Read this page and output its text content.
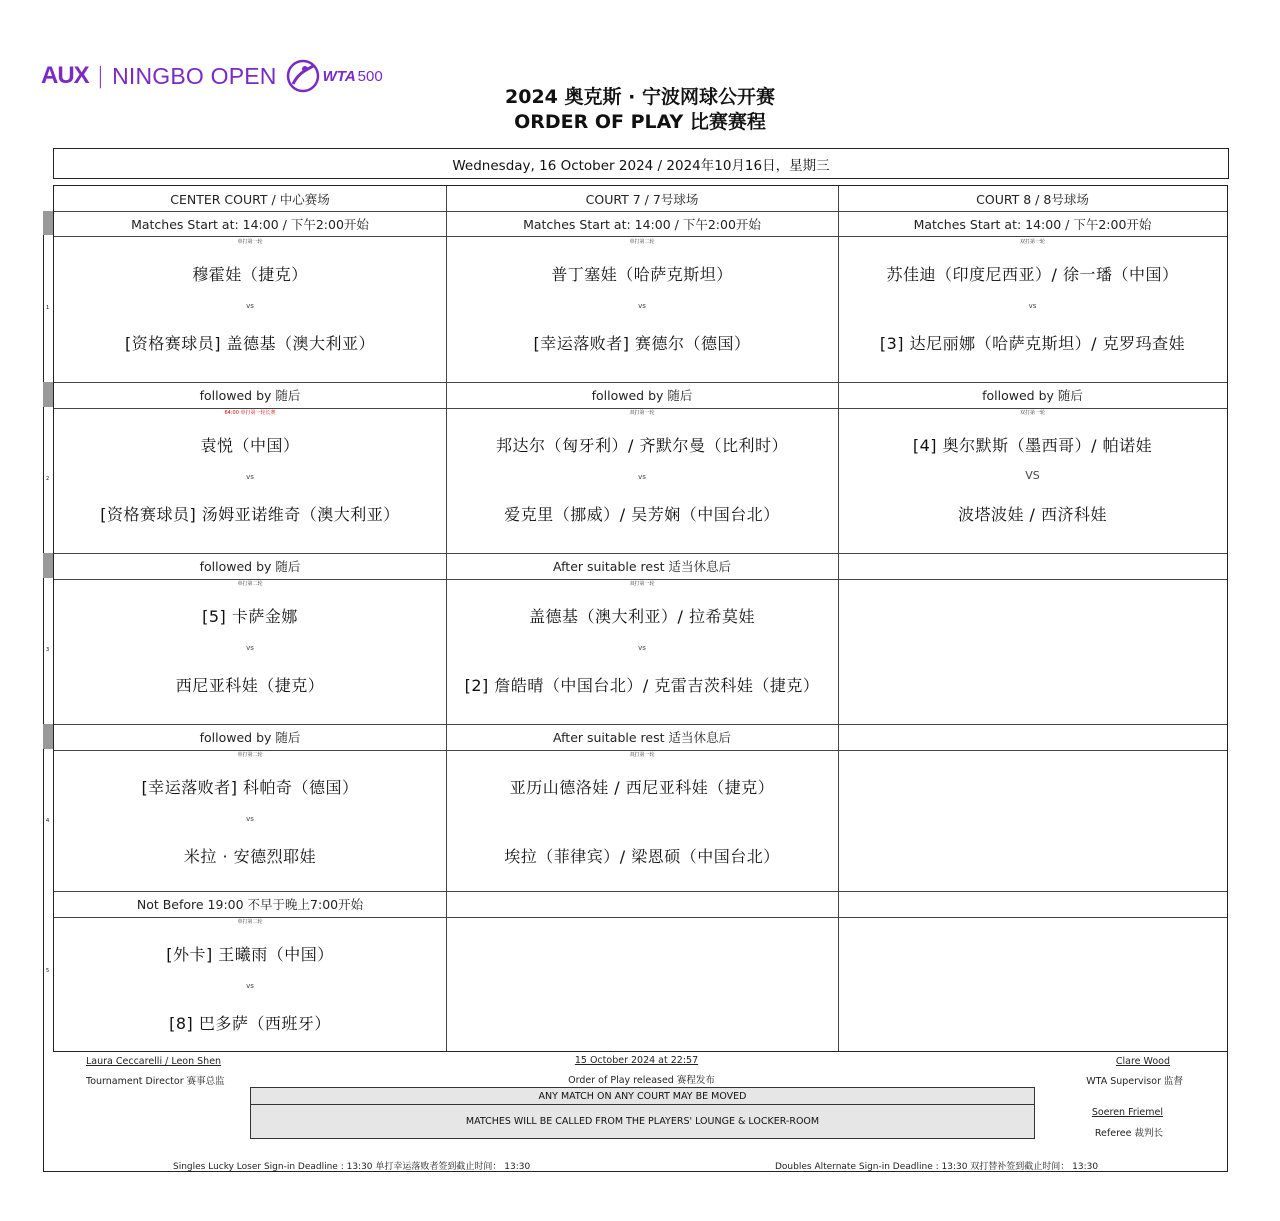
AUX | NINGBO OPEN	WTA 500
2024 奥克斯 · 宁波网球公开赛
ORDER OF PLAY 比赛赛程
Wednesday, 16 October 2024 / 2024年10月16日，星期三
1
2
3
4
5
CENTER COURT / 中心赛场
Matches Start at: 14:00 / 下午2:00开始
单打第一轮
穆霍娃（捷克）
vs
[资格赛球员] 盖德基（澳大利亚）
followed by 随后
64:00 单打第一轮长赛
袁悦（中国）
vs
[资格赛球员] 汤姆亚诺维奇（澳大利亚）
followed by 随后
单打第二轮
[5] 卡萨金娜
vs
西尼亚科娃（捷克）
followed by 随后
单打第二轮
[幸运落败者] 科帕奇（德国）
vs
米拉 · 安德烈耶娃
Not Before 19:00 不早于晚上7:00开始
单打第二轮
[外卡] 王曦雨（中国）
vs
[8] 巴多萨（西班牙）
COURT 7 / 7号球场
Matches Start at: 14:00 / 下午2:00开始
单打第二轮
普丁塞娃（哈萨克斯坦）
vs
[幸运落败者] 赛德尔（德国）
followed by 随后
双打第一轮
邦达尔（匈牙利）/ 齐默尔曼（比利时）
vs
爱克里（挪威）/ 吴芳娴（中国台北）
After suitable rest 适当休息后
双打第一轮
盖德基（澳大利亚）/ 拉希莫娃
vs
[2] 詹皓晴（中国台北）/ 克雷吉茨科娃（捷克）
After suitable rest 适当休息后
双打第一轮
亚历山德洛娃 / 西尼亚科娃（捷克）
埃拉（菲律宾）/ 梁恩硕（中国台北）
COURT 8 / 8号球场
Matches Start at: 14:00 / 下午2:00开始
双打第一轮
苏佳迪（印度尼西亚）/ 徐一璠（中国）
vs
[3] 达尼丽娜（哈萨克斯坦）/ 克罗玛查娃
followed by 随后
双打第一轮
[4] 奥尔默斯（墨西哥）/ 帕诺娃
VS
波塔波娃 / 西济科娃
Laura Ceccarelli / Leon Shen
Tournament Director 赛事总监
15 October 2024 at 22:57
Order of Play released 赛程发布
Clare Wood
WTA Supervisor 监督
Soeren Friemel
Referee 裁判长
ANY MATCH ON ANY COURT MAY BE MOVED
MATCHES WILL BE CALLED FROM THE PLAYERS' LOUNGE & LOCKER-ROOM
Singles Lucky Loser Sign-in Deadline : 13:30 单打幸运落败者签到截止时间： 13:30	Doubles Alternate Sign-in Deadline : 13:30 双打替补签到截止时间： 13:30
